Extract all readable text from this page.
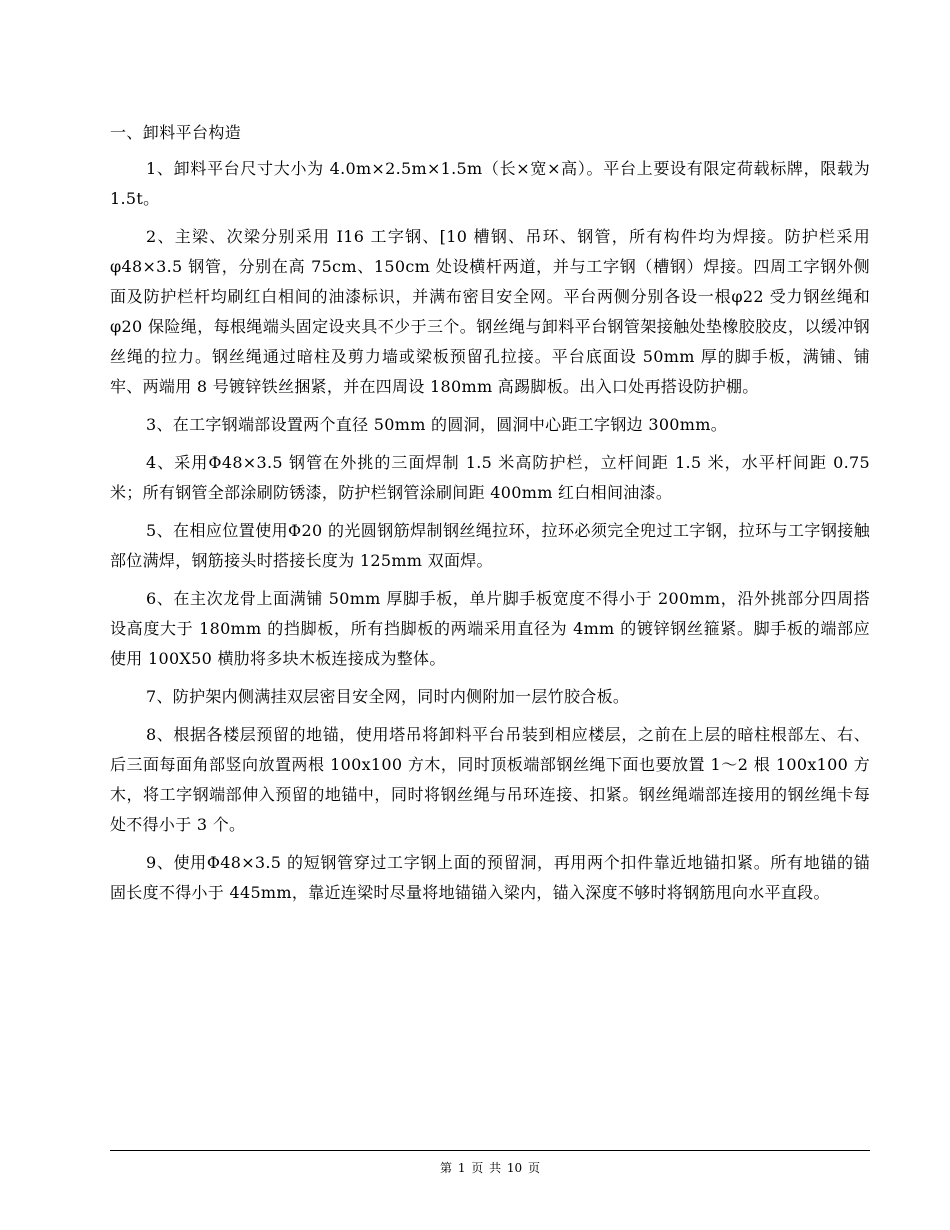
一、卸料平台构造

1、卸料平台尺寸大小为 4.0m×2.5m×1.5m（长×宽×高）。平台上要设有限定荷载标牌，限载为 1.5t。

2、主梁、次梁分别采用 I16 工字钢、[10 槽钢、吊环、钢管，所有构件均为焊接。防护栏采用φ48×3.5 钢管，分别在高 75cm、150cm 处设横杆两道，并与工字钢（槽钢）焊接。四周工字钢外侧面及防护栏杆均刷红白相间的油漆标识，并满布密目安全网。平台两侧分别各设一根φ22 受力钢丝绳和φ20 保险绳，每根绳端头固定设夹具不少于三个。钢丝绳与卸料平台钢管架接触处垫橡胶胶皮，以缓冲钢丝绳的拉力。钢丝绳通过暗柱及剪力墙或梁板预留孔拉接。平台底面设 50mm 厚的脚手板，满铺、铺牢、两端用 8 号镀锌铁丝捆紧，并在四周设 180mm 高踢脚板。出入口处再搭设防护棚。

3、在工字钢端部设置两个直径 50mm 的圆洞，圆洞中心距工字钢边 300mm。

4、采用Φ48×3.5 钢管在外挑的三面焊制 1.5 米高防护栏，立杆间距 1.5 米，水平杆间距 0.75 米；所有钢管全部涂刷防锈漆，防护栏钢管涂刷间距 400mm 红白相间油漆。

5、在相应位置使用Φ20 的光圆钢筋焊制钢丝绳拉环，拉环必须完全兜过工字钢，拉环与工字钢接触部位满焊，钢筋接头时搭接长度为 125mm 双面焊。

6、在主次龙骨上面满铺 50mm 厚脚手板，单片脚手板宽度不得小于 200mm，沿外挑部分四周搭设高度大于 180mm 的挡脚板，所有挡脚板的两端采用直径为 4mm 的镀锌钢丝箍紧。脚手板的端部应使用 100X50 横肋将多块木板连接成为整体。

7、防护架内侧满挂双层密目安全网，同时内侧附加一层竹胶合板。

8、根据各楼层预留的地锚，使用塔吊将卸料平台吊装到相应楼层，之前在上层的暗柱根部左、右、后三面每面角部竖向放置两根 100x100 方木，同时顶板端部钢丝绳下面也要放置 1～2 根 100x100 方木，将工字钢端部伸入预留的地锚中，同时将钢丝绳与吊环连接、扣紧。钢丝绳端部连接用的钢丝绳卡每处不得小于 3 个。

9、使用Φ48×3.5 的短钢管穿过工字钢上面的预留洞，再用两个扣件靠近地锚扣紧。所有地锚的锚固长度不得小于 445mm，靠近连梁时尽量将地锚锚入梁内，锚入深度不够时将钢筋甩向水平直段。

第 1 页 共 10 页
